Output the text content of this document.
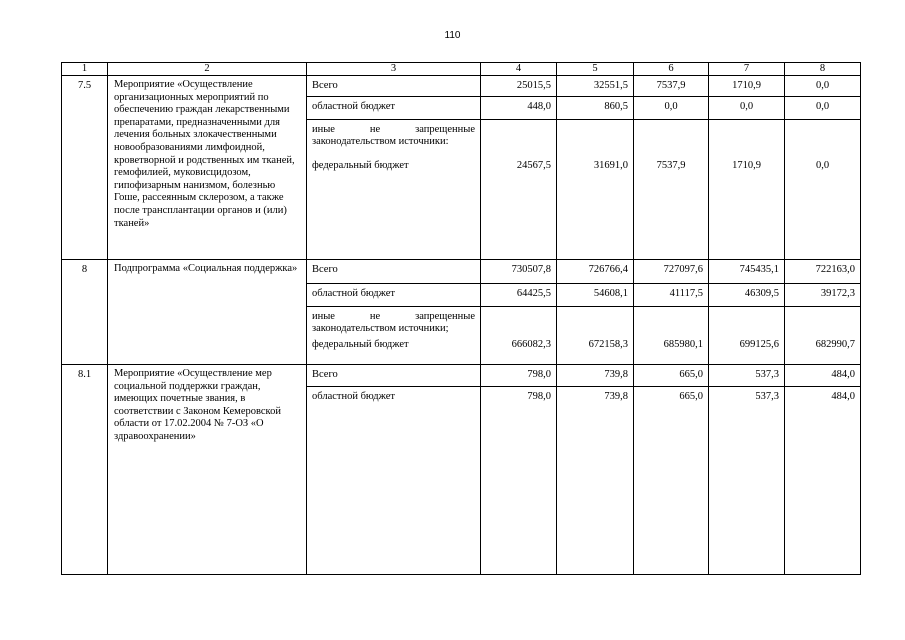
110
1	2	3	4	5	6	7	8
7.5	Мероприятие «Осуществление организационных мероприятий по обеспечению граждан лекарственными препаратами, предназначенными для лечения больных злокачественными новообразованиями лимфоидной, кроветворной и родственных им тканей, гемофилией, муковисцидозом, гипофизарным нанизмом, болезнью Гоше, рассеянным склерозом, а также после трансплантации органов и (или) тканей»	Всего	25015,5	32551,5	7537,9	1710,9	0,0
		областной бюджет	448,0	860,5	0,0	0,0	0,0
		иные не запрещенные законодательством источники:					
		федеральный бюджет	24567,5	31691,0	7537,9	1710,9	0,0
8	Подпрограмма «Социальная поддержка»	Всего	730507,8	726766,4	727097,6	745435,1	722163,0
		областной бюджет	64425,5	54608,1	41117,5	46309,5	39172,3
		иные не запрещенные законодательством источники;					
		федеральный бюджет	666082,3	672158,3	685980,1	699125,6	682990,7
8.1	Мероприятие «Осуществление мер социальной поддержки граждан, имеющих почетные звания, в соответствии с Законом Кемеровской области от 17.02.2004 № 7-ОЗ «О здравоохранении»	Всего	798,0	739,8	665,0	537,3	484,0
		областной бюджет	798,0	739,8	665,0	537,3	484,0
